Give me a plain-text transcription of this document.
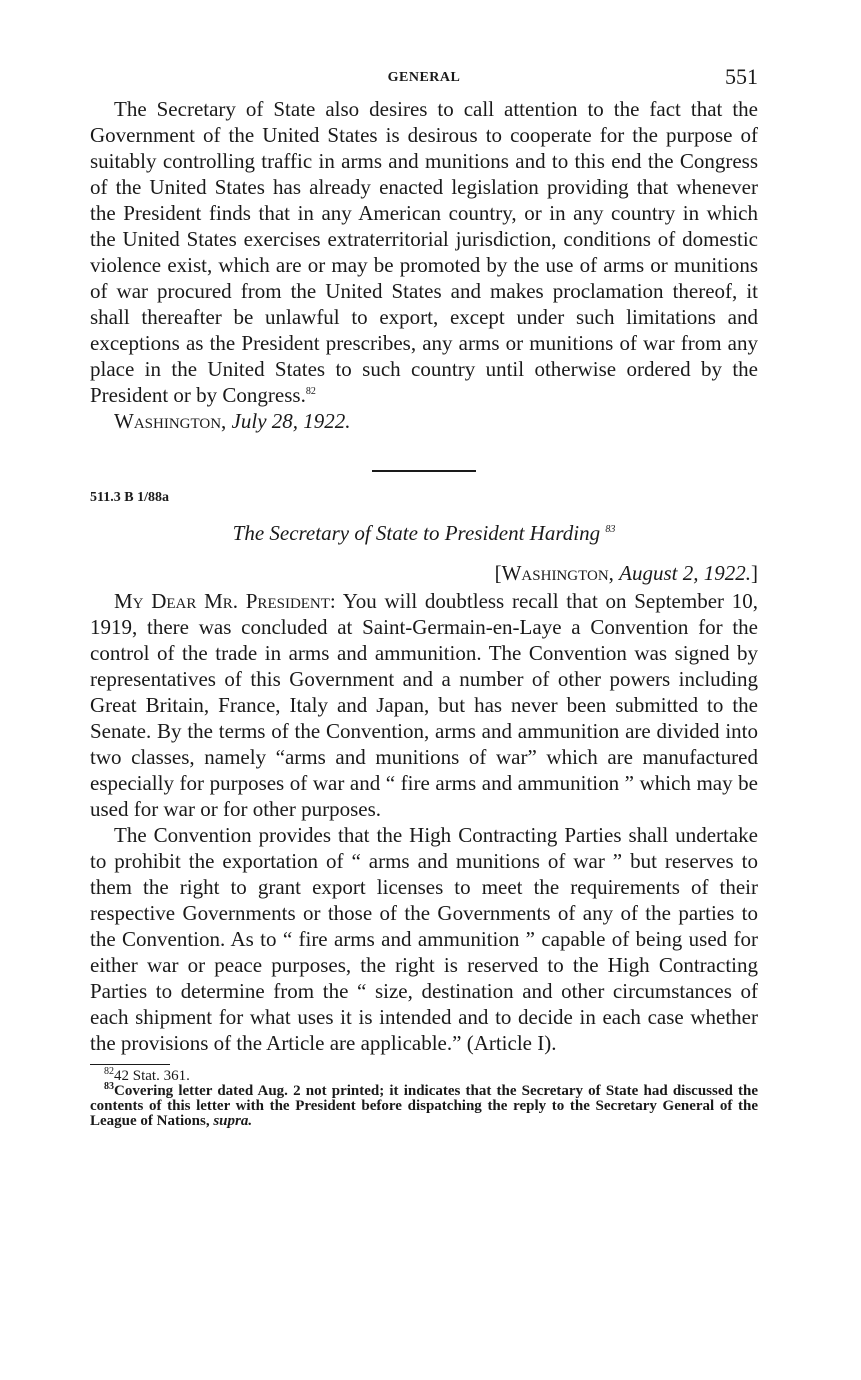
GENERAL	551

The Secretary of State also desires to call attention to the fact that the Government of the United States is desirous to cooperate for the purpose of suitably controlling traffic in arms and munitions and to this end the Congress of the United States has already enacted legislation providing that whenever the President finds that in any American country, or in any country in which the United States exercises extraterritorial jurisdiction, conditions of domestic violence exist, which are or may be promoted by the use of arms or munitions of war procured from the United States and makes proclamation thereof, it shall thereafter be unlawful to export, except under such limitations and exceptions as the President prescribes, any arms or munitions of war from any place in the United States to such country until otherwise ordered by the President or by Congress.$^{82}$

Washington, July 28, 1922.
511.3 B 1/88a
The Secretary of State to President Harding $^{83}$
[Washington, August 2, 1922.]

My Dear Mr. President: You will doubtless recall that on September 10, 1919, there was concluded at Saint-Germain-en-Laye a Convention for the control of the trade in arms and ammunition. The Convention was signed by representatives of this Government and a number of other powers including Great Britain, France, Italy and Japan, but has never been submitted to the Senate. By the terms of the Convention, arms and ammunition are divided into two classes, namely “arms and munitions of war” which are manufactured especially for purposes of war and “ fire arms and ammunition ” which may be used for war or for other purposes.

The Convention provides that the High Contracting Parties shall undertake to prohibit the exportation of “ arms and munitions of war ” but reserves to them the right to grant export licenses to meet the requirements of their respective Governments or those of the Governments of any of the parties to the Convention. As to “ fire arms and ammunition ” capable of being used for either war or peace purposes, the right is reserved to the High Contracting Parties to determine from the “ size, destination and other circumstances of each shipment for what uses it is intended and to decide in each case whether the provisions of the Article are applicable.” (Article I).

$^{82}$42 Stat. 361.

$^{83}$Covering letter dated Aug. 2 not printed; it indicates that the Secretary of State had discussed the contents of this letter with the President before dispatching the reply to the Secretary General of the League of Nations, supra.
